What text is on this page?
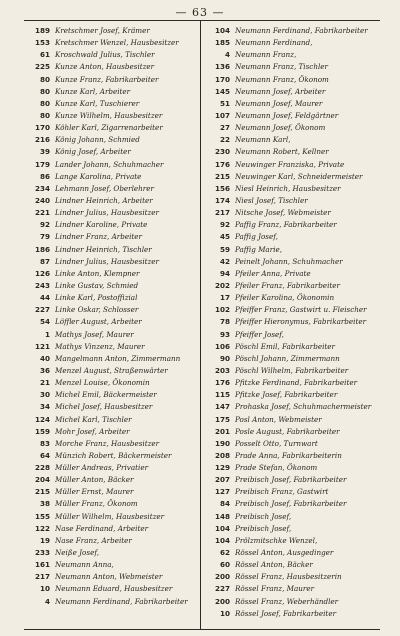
— 63 —
189 Kretschmer Josef, Krämer
153 Kretschmer Wenzel, Hausbesitzer
61 Kroschwald Julius, Tischler
225 Kunze Anton, Hausbesitzer
80 Kunze Franz, Fabrikarbeiter
80 Kunze Karl, Arbeiter
80 Kunze Karl, Tuschierer
80 Kunze Wilhelm, Hausbesitzer
170 Köhler Karl, Zigarrenarbeiter
216 König Johann, Schmied
39 König Josef, Arbeiter
179 Lander Johann, Schuhmacher
86 Lange Karolina, Private
234 Lehmann Josef, Oberlehrer
240 Lindner Heinrich, Arbeiter
221 Lindner Julius, Hausbesitzer
92 Lindner Karoline, Private
79 Lindner Franz, Arbeiter
186 Lindner Heinrich, Tischler
87 Lindner Julius, Hausbesitzer
126 Linke Anton, Klempner
243 Linke Gustav, Schmied
44 Linke Karl, Postoffizial
227 Linke Oskar, Schlosser
54 Löffler August, Arbeiter
1 Mathys Josef, Maurer
121 Mathys Vinzenz, Maurer
40 Mangelmann Anton, Zimmermann
36 Menzel August, Straßenwärter
21 Menzel Louise, Ökonomin
30 Michel Emil, Bäckermeister
34 Michel Josef, Hausbesitzer
124 Michel Karl, Tischler
159 Mohr Josef, Arbeiter
83 Morche Franz, Hausbesitzer
64 Münzich Robert, Bäckermeister
228 Müller Andreas, Privatier
204 Müller Anton, Bäcker
215 Müller Ernst, Maurer
38 Müller Franz, Ökonom
155 Müller Wilhelm, Hausbesitzer
122 Nase Ferdinand, Arbeiter
19 Nase Franz, Arbeiter
233 Neiße Josef,
161 Neumann Anna,
217 Neumann Anton, Webmeister
10 Neumann Eduard, Hausbesitzer
4 Neumann Ferdinand, Fabrikarbeiter
104 Neumann Ferdinand, Fabrikarbeiter
185 Neumann Ferdinand,
4 Neumann Franz,
136 Neumann Franz, Tischler
170 Neumann Franz, Ökonom
145 Neumann Josef, Arbeiter
51 Neumann Josef, Maurer
107 Neumann Josef, Feldgärtner
27 Neumann Josef, Ökonom
22 Neumann Karl,
230 Neumann Robert, Kellner
176 Neuwinger Franziska, Private
215 Neuwinger Karl, Schneidermeister
156 Niesl Heinrich, Hausbesitzer
174 Niesl Josef, Tischler
217 Nitsche Josef, Webmeister
92 Paffig Franz, Fabrikarbeiter
45 Paffig Josef,
59 Paffig Marie,
42 Peinelt Johann, Schuhmacher
94 Pfeiler Anna, Private
202 Pfeiler Franz, Fabrikarbeiter
17 Pfeiler Karolina, Ökonomin
102 Pfeiffer Franz, Gastwirt u. Fleischer
78 Pfeiffer Hieronymus, Fabrikarbeiter
93 Pfeiffer Josef,
106 Pöschl Emil, Fabrikarbeiter
90 Pöschl Johann, Zimmermann
203 Pöschl Wilhelm, Fabrikarbeiter
176 Pfitzke Ferdinand, Fabrikarbeiter
115 Pfitzke Josef, Fabrikarbeiter
147 Prohaska Josef, Schuhmachermeister
175 Posl Anton, Webmeister
201 Posle August, Fabrikarbeiter
190 Posselt Otto, Turnwart
208 Prade Anna, Fabrikarbeiterin
129 Prade Stefan, Ökonom
207 Preibisch Josef, Fabrikarbeiter
127 Preibisch Franz, Gastwirt
84 Preibisch Josef, Fabrikarbeiter
148 Preibisch Josef,
104 Preibisch Josef,
104 Prölzmitschke Wenzel,
62 Rössel Anton, Ausgedinger
60 Rössel Anton, Bäcker
200 Rössel Franz, Hausbesitzerin
227 Rössel Franz, Maurer
200 Rössel Franz, Weberhändler
10 Rössel Josef, Fabrikarbeiter
